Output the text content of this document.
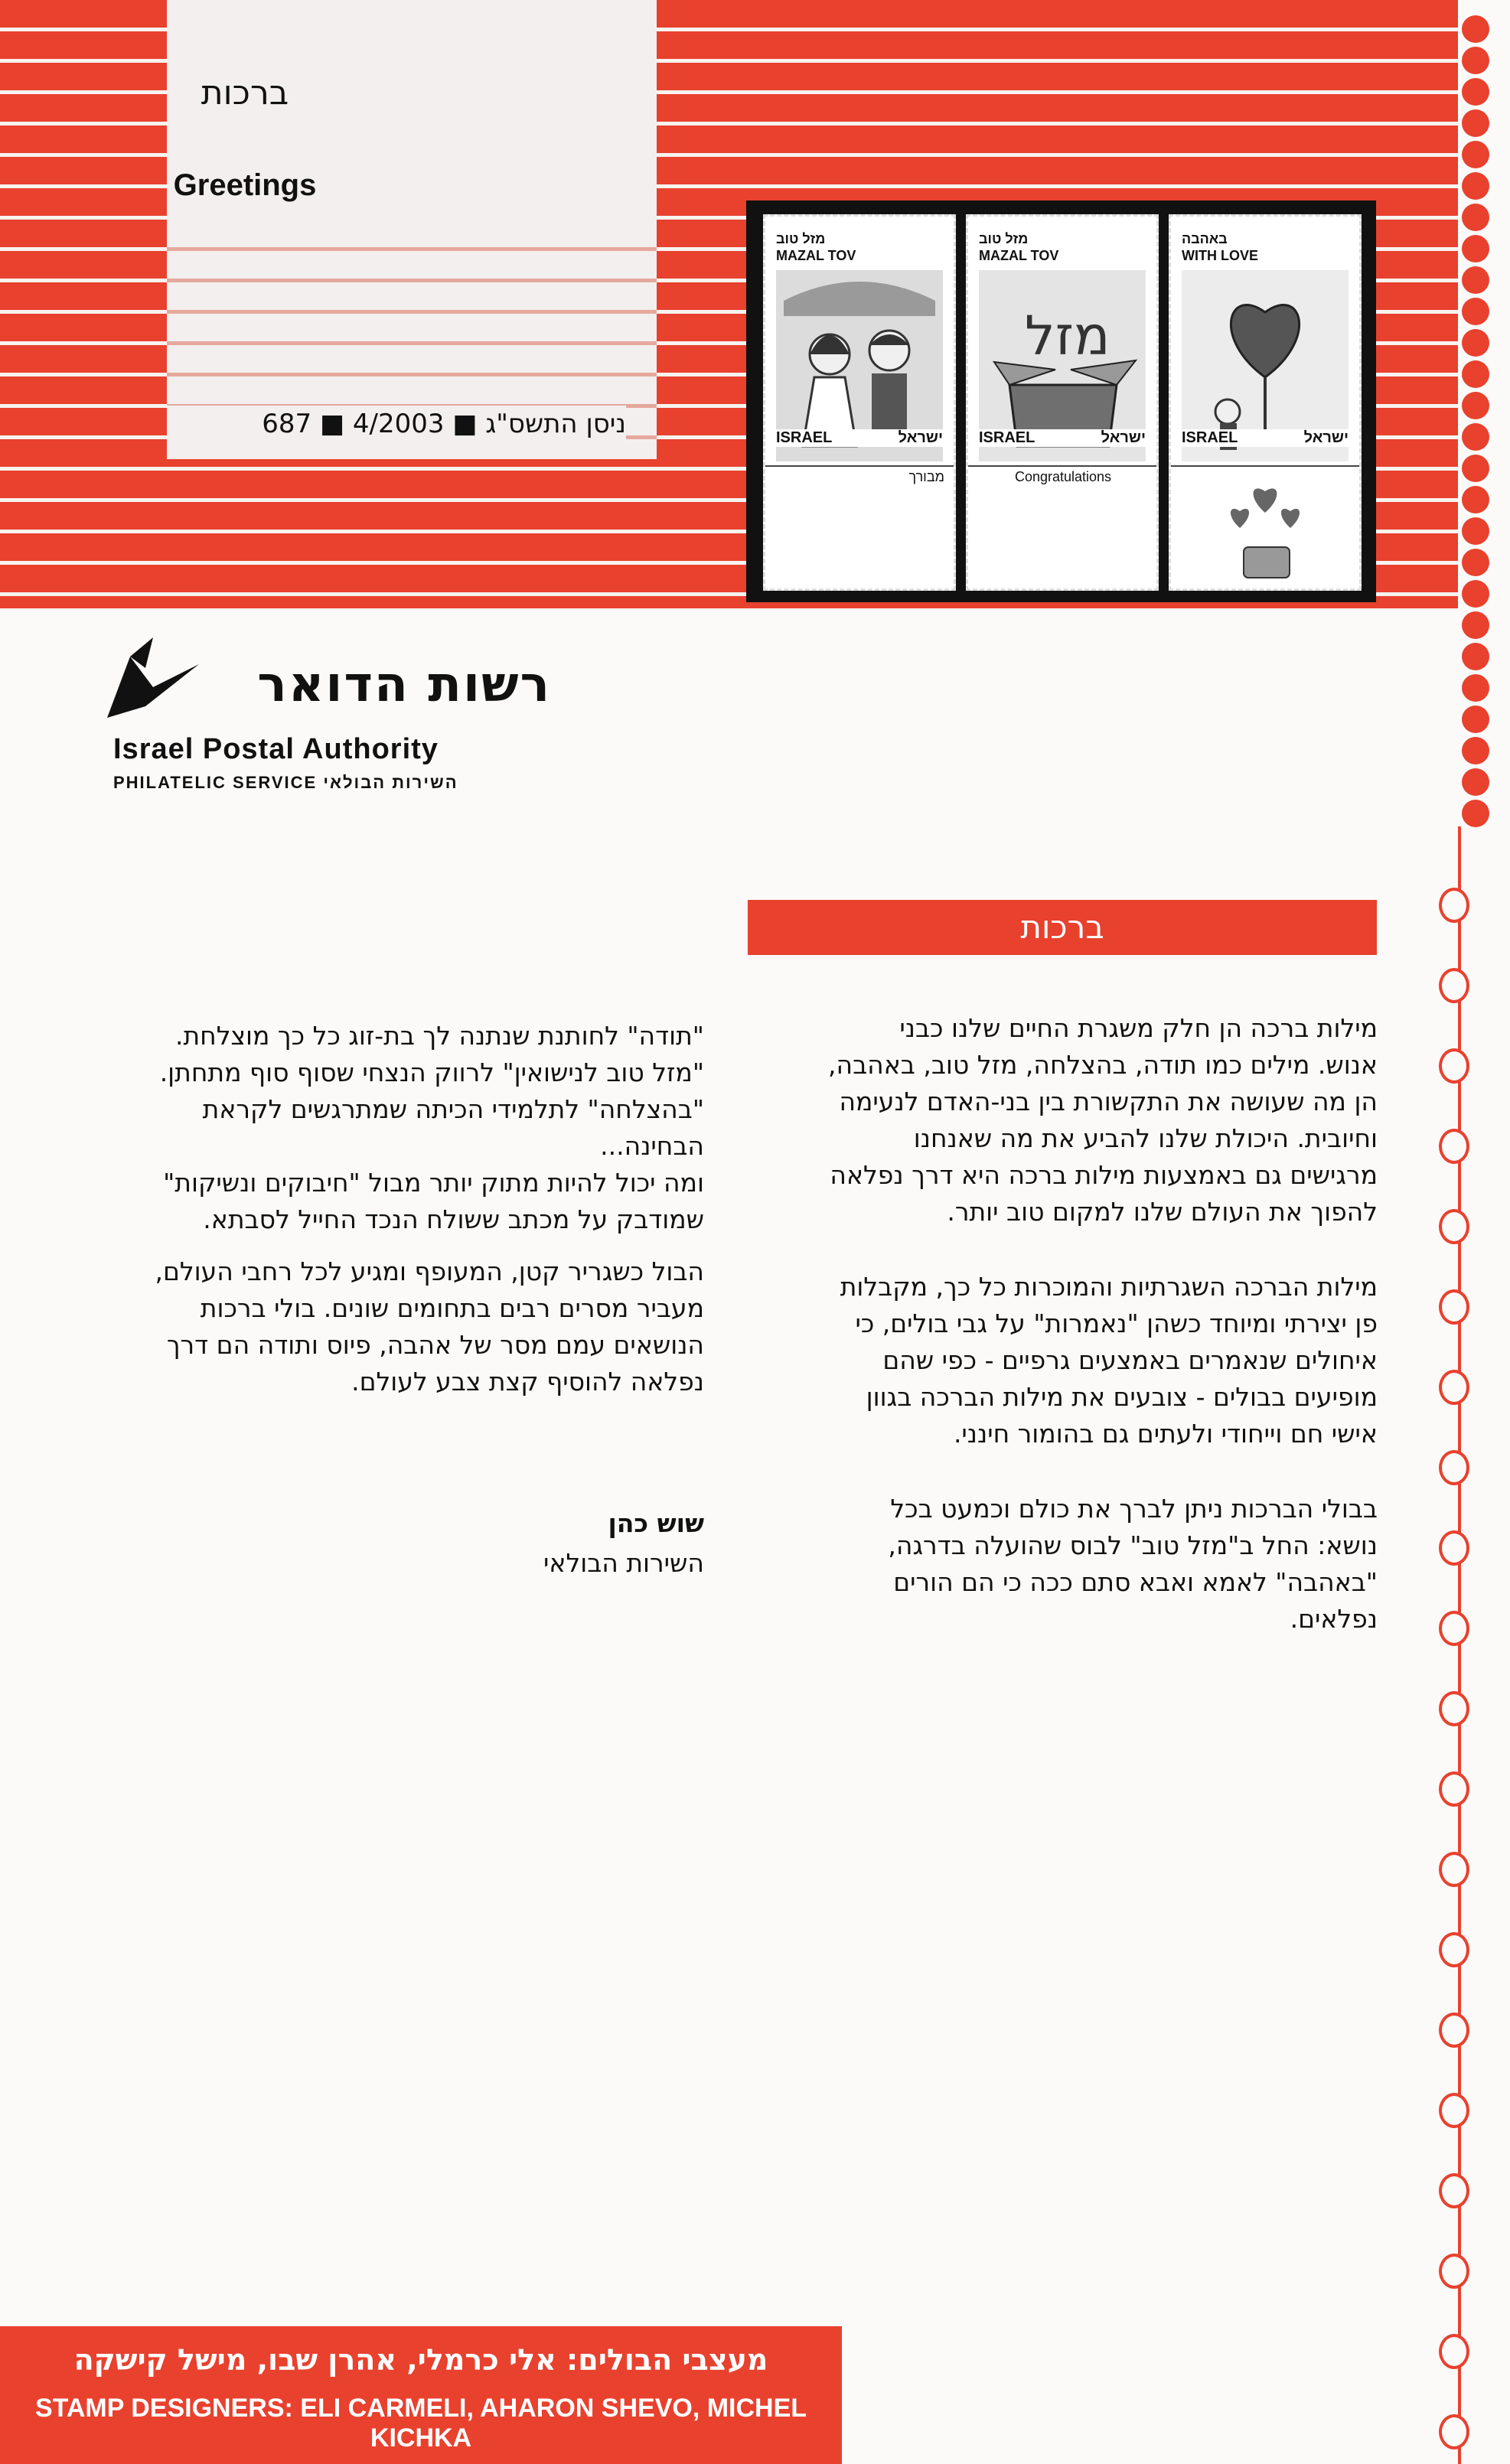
ברכות
Greetings
ניסן התשס"ג ■ 4/2003 ■ 687
מזל טוב
MAZAL TOV
ISRAEL	ישראל
מבורך
מזל טוב
MAZAL TOV
מזל
ISRAEL	ישראל
Congratulations
באהבה
WITH LOVE
ISRAEL	ישראל
רשות הדואר
Israel Postal Authority
PHILATELIC SERVICE השירות הבולאי
ברכות

מילות ברכה הן חלק משגרת החיים שלנו כבני
אנוש. מילים כמו תודה, בהצלחה, מזל טוב, באהבה,
הן מה שעושה את התקשורת בין בני-האדם לנעימה
וחיובית. היכולת שלנו להביע את מה שאנחנו
מרגישים גם באמצעות מילות ברכה היא דרך נפלאה
להפוך את העולם שלנו למקום טוב יותר.

מילות הברכה השגרתיות והמוכרות כל כך, מקבלות
פן יצירתי ומיוחד כשהן "נאמרות" על גבי בולים, כי
איחולים שנאמרים באמצעים גרפיים - כפי שהם
מופיעים בבולים - צובעים את מילות הברכה בגוון
אישי חם וייחודי ולעתים גם בהומור חינני.

בבולי הברכות ניתן לברך את כולם וכמעט בכל
נושא: החל ב"מזל טוב" לבוס שהועלה בדרגה,
"באהבה" לאמא ואבא סתם ככה כי הם הורים
נפלאים.

"תודה" לחותנת שנתנה לך בת-זוג כל כך מוצלחת.
"מזל טוב לנישואין" לרווק הנצחי שסוף סוף מתחתן.
"בהצלחה" לתלמידי הכיתה שמתרגשים לקראת
הבחינה...
ומה יכול להיות מתוק יותר מבול "חיבוקים ונשיקות"
שמודבק על מכתב ששולח הנכד החייל לסבתא.

הבול כשגריר קטן, המעופף ומגיע לכל רחבי העולם,
מעביר מסרים רבים בתחומים שונים. בולי ברכות
הנושאים עמם מסר של אהבה, פיוס ותודה הם דרך
נפלאה להוסיף קצת צבע לעולם.

שוש כהן
השירות הבולאי
מעצבי הבולים: אלי כרמלי, אהרן שבו, מישל קישקה
STAMP DESIGNERS: ELI CARMELI, AHARON SHEVO, MICHEL KICHKA
